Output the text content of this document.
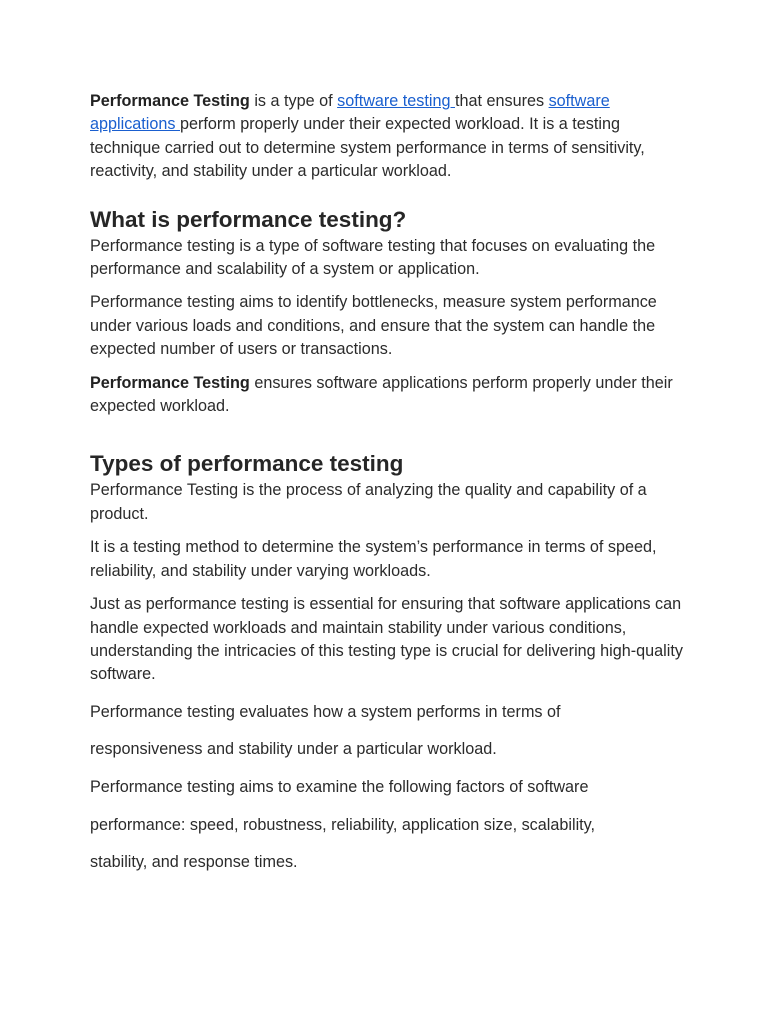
Performance Testing is a type of software testing that ensures software applications perform properly under their expected workload. It is a testing technique carried out to determine system performance in terms of sensitivity, reactivity, and stability under a particular workload.

What is performance testing?

Performance testing is a type of software testing that focuses on evaluating the performance and scalability of a system or application.

Performance testing aims to identify bottlenecks, measure system performance under various loads and conditions, and ensure that the system can handle the expected number of users or transactions.

Performance Testing ensures software applications perform properly under their expected workload.

Types of performance testing

Performance Testing is the process of analyzing the quality and capability of a product.

It is a testing method to determine the system’s performance in terms of speed, reliability, and stability under varying workloads.

Just as performance testing is essential for ensuring that software applications can handle expected workloads and maintain stability under various conditions, understanding the intricacies of this testing type is crucial for delivering high-quality software.

Performance testing evaluates how a system performs in terms of

responsiveness and stability under a particular workload.

Performance testing aims to examine the following factors of software

performance: speed, robustness, reliability, application size, scalability,

stability, and response times.
